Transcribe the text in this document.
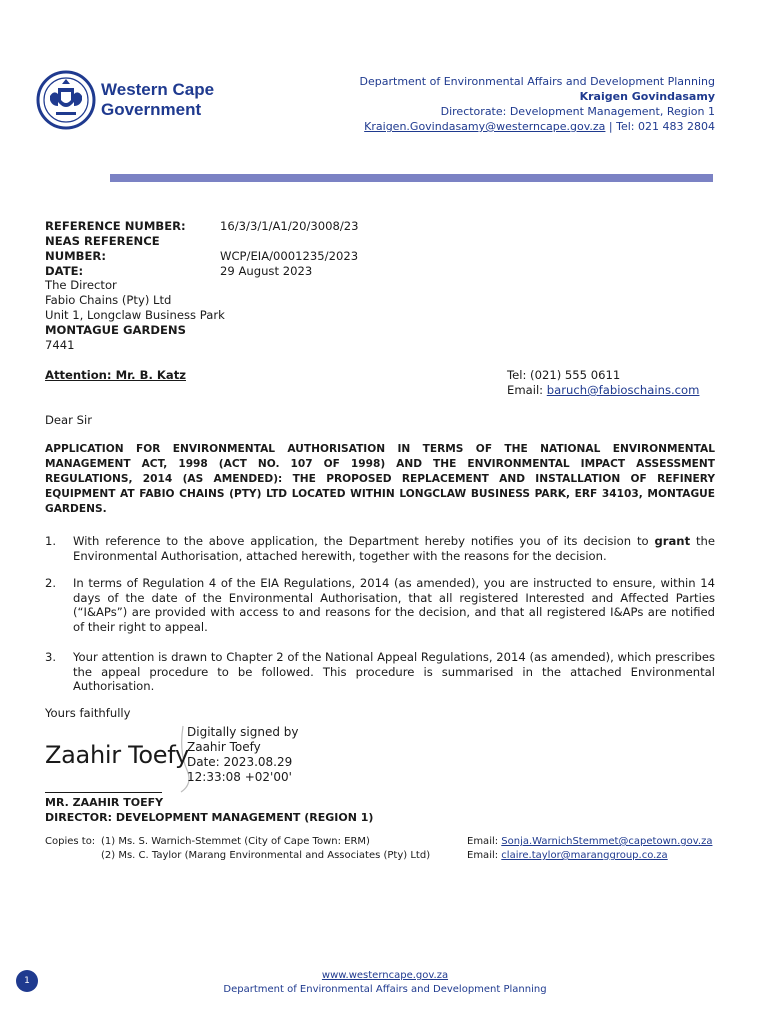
Western Cape
Government
Department of Environmental Affairs and Development Planning
Kraigen Govindasamy
Directorate: Development Management, Region 1
Kraigen.Govindasamy@westerncape.gov.za | Tel: 021 483 2804
REFERENCE NUMBER:	16/3/3/1/A1/20/3008/23
NEAS REFERENCE NUMBER:	WCP/EIA/0001235/2023
DATE:	29 August 2023
The Director
Fabio Chains (Pty) Ltd
Unit 1, Longclaw Business Park
MONTAGUE GARDENS
7441
Attention: Mr. B. Katz	Tel: (021) 555 0611
Email: baruch@fabioschains.com
Dear Sir
APPLICATION FOR ENVIRONMENTAL AUTHORISATION IN TERMS OF THE NATIONAL ENVIRONMENTAL MANAGEMENT ACT, 1998 (ACT NO. 107 OF 1998) AND THE ENVIRONMENTAL IMPACT ASSESSMENT REGULATIONS, 2014 (AS AMENDED): THE PROPOSED REPLACEMENT AND INSTALLATION OF REFINERY EQUIPMENT AT FABIO CHAINS (PTY) LTD LOCATED WITHIN LONGCLAW BUSINESS PARK, ERF 34103, MONTAGUE GARDENS.
1. With reference to the above application, the Department hereby notifies you of its decision to grant the Environmental Authorisation, attached herewith, together with the reasons for the decision.
2. In terms of Regulation 4 of the EIA Regulations, 2014 (as amended), you are instructed to ensure, within 14 days of the date of the Environmental Authorisation, that all registered Interested and Affected Parties (“I&APs”) are provided with access to and reasons for the decision, and that all registered I&APs are notified of their right to appeal.
3. Your attention is drawn to Chapter 2 of the National Appeal Regulations, 2014 (as amended), which prescribes the appeal procedure to be followed. This procedure is summarised in the attached Environmental Authorisation.
Yours faithfully
Zaahir Toefy
Digitally signed by
Zaahir Toefy
Date: 2023.08.29
12:33:08 +02'00'
MR. ZAAHIR TOEFY
DIRECTOR: DEVELOPMENT MANAGEMENT (REGION 1)
Copies to: (1) Ms. S. Warnich-Stemmet (City of Cape Town: ERM)
(2) Ms. C. Taylor (Marang Environmental and Associates (Pty) Ltd)
Email: Sonja.WarnichStemmet@capetown.gov.za
Email: claire.taylor@maranggroup.co.za
1	www.westerncape.gov.za
Department of Environmental Affairs and Development Planning
